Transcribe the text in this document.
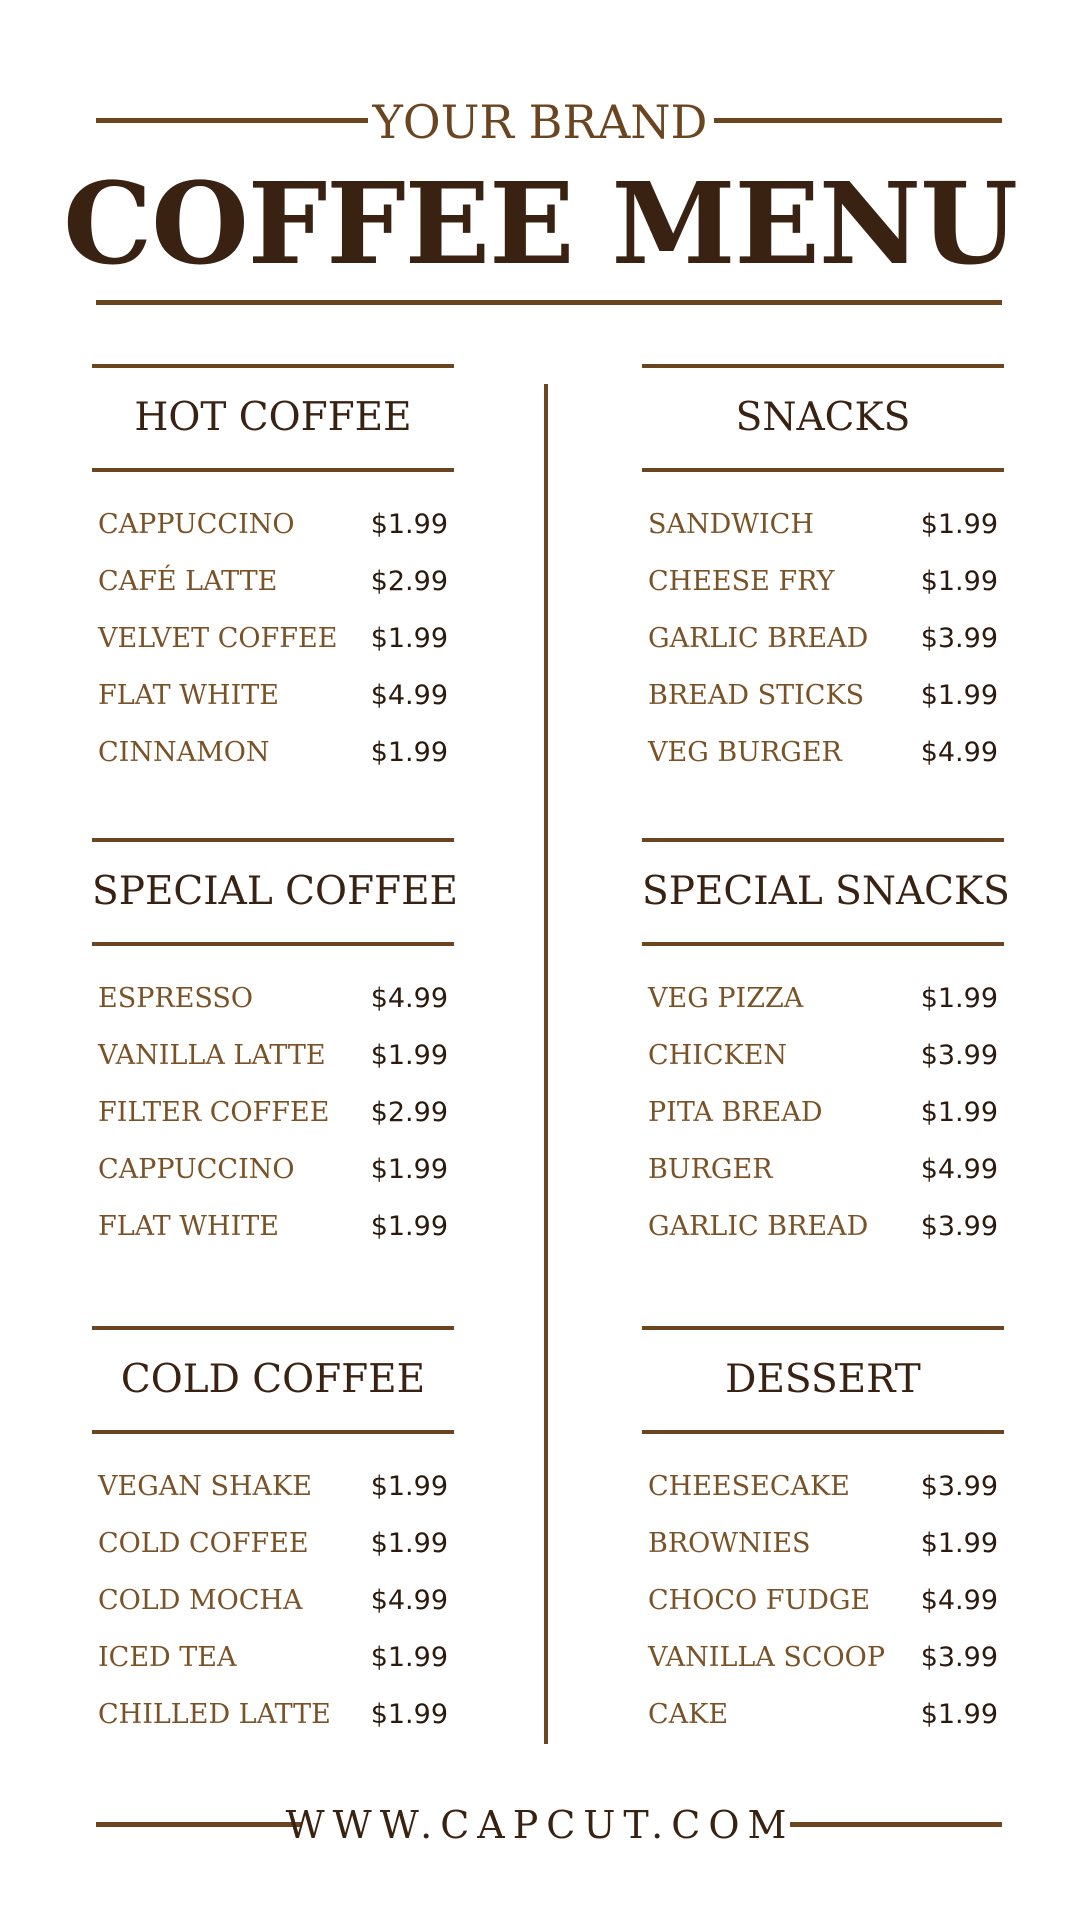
YOUR BRAND
COFFEE MENU
HOT COFFEE
CAPPUCCINO	$1.99
CAFÉ LATTE	$2.99
VELVET COFFEE $1.99
FLAT WHITE	$4.99
CINNAMON	$1.99
SNACKS
SANDWICH	$1.99
CHEESE FRY	$1.99
GARLIC BREAD $3.99
BREAD STICKS $1.99
VEG BURGER	$4.99
SPECIAL COFFEE
ESPRESSO	$4.99
VANILLA LATTE $1.99
FILTER COFFEE $2.99
CAPPUCCINO	$1.99
FLAT WHITE	$1.99
SPECIAL SNACKS
VEG PIZZA	$1.99
CHICKEN	$3.99
PITA BREAD	$1.99
BURGER	$4.99
GARLIC BREAD $3.99
COLD COFFEE
VEGAN SHAKE $1.99
COLD COFFEE $1.99
COLD MOCHA	$4.99
ICED TEA	$1.99
CHILLED LATTE $1.99
DESSERT
CHEESECAKE	$3.99
BROWNIES	$1.99
CHOCO FUDGE $4.99
VANILLA SCOOP $3.99
CAKE	$1.99
WWW.CAPCUT.COM
